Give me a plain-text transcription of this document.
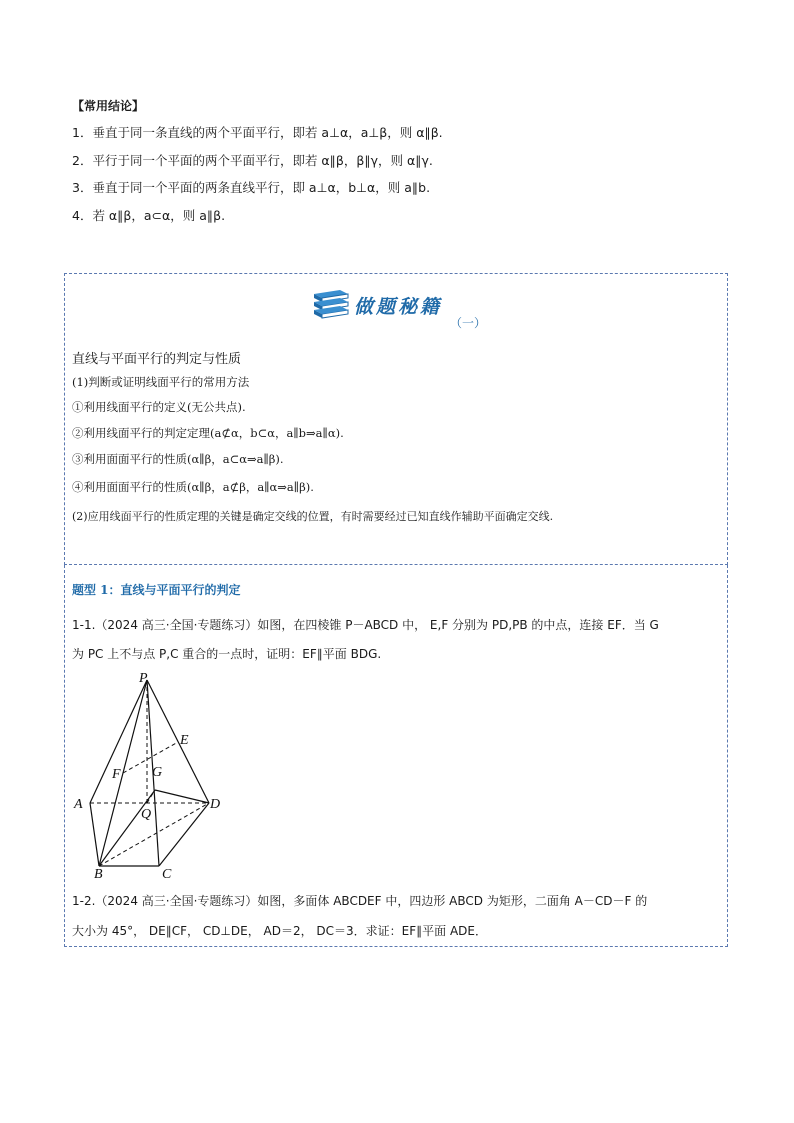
【常用结论】
1．垂直于同一条直线的两个平面平行，即若 a⊥α，a⊥β，则 α∥β.
2．平行于同一个平面的两个平面平行，即若 α∥β，β∥γ，则 α∥γ.
3．垂直于同一个平面的两条直线平行，即 a⊥α，b⊥α，则 a∥b.
4．若 α∥β，a⊂α，则 a∥β.
做题秘籍
（一）
直线与平面平行的判定与性质
(1)判断或证明线面平行的常用方法
①利用线面平行的定义(无公共点).
②利用线面平行的判定定理(a⊄α，b⊂α，a∥b⇒a∥α).
③利用面面平行的性质(α∥β，a⊂α⇒a∥β).
④利用面面平行的性质(α∥β，a⊄β，a∥α⇒a∥β).
(2)应用线面平行的性质定理的关键是确定交线的位置，有时需要经过已知直线作辅助平面确定交线.
题型 1：直线与平面平行的判定
1-1.（2024 高三·全国·专题练习）如图，在四棱锥 P－ABCD 中， E,F 分别为 PD,PB 的中点，连接 EF．当 G
为 PC 上不与点 P,C 重合的一点时，证明：EF∥平面 BDG.
P
E
F G
A
Q
D
B	C
1-2.（2024 高三·全国·专题练习）如图，多面体 ABCDEF 中，四边形 ABCD 为矩形，二面角 A－CD－F 的
大小为 45°， DE∥CF， CD⊥DE， AD＝2， DC＝3．求证：EF∥平面 ADE．
